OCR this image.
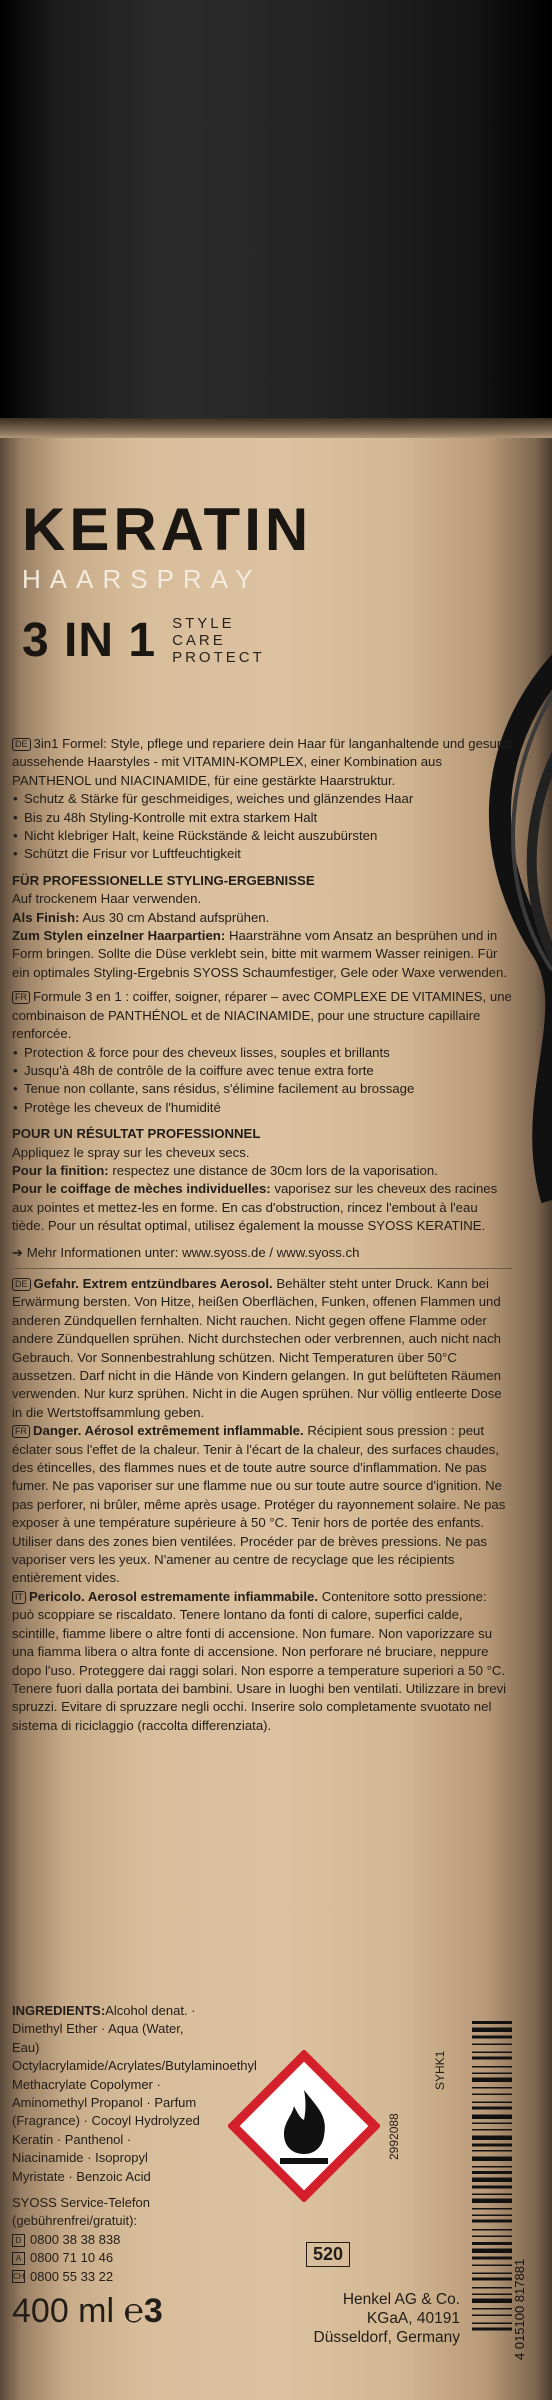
KERATIN
HAARSPRAY
3 IN 1 STYLE
CARE
PROTECT

DE 3in1 Formel: Style, pflege und repariere dein Haar für langanhaltende und gesund aussehende Haarstyles - mit VITAMIN-KOMPLEX, einer Kombination aus PANTHENOL und NIACINAMIDE, für eine gestärkte Haarstruktur.

• Schutz & Stärke für geschmeidiges, weiches und glänzendes Haar
• Bis zu 48h Styling-Kontrolle mit extra starkem Halt
• Nicht klebriger Halt, keine Rückstände & leicht auszubürsten
• Schützt die Frisur vor Luftfeuchtigkeit

FÜR PROFESSIONELLE STYLING-ERGEBNISSE

Auf trockenem Haar verwenden.

Als Finish: Aus 30 cm Abstand aufsprühen.

Zum Stylen einzelner Haarpartien: Haarsträhne vom Ansatz an besprühen und in Form bringen. Sollte die Düse verklebt sein, bitte mit warmem Wasser reinigen. Für ein optimales Styling-Ergebnis SYOSS Schaumfestiger, Gele oder Waxe verwenden.

FR Formule 3 en 1 : coiffer, soigner, réparer – avec COMPLEXE DE VITAMINES, une combinaison de PANTHÉNOL et de NIACINAMIDE, pour une structure capillaire renforcée.

• Protection & force pour des cheveux lisses, souples et brillants
• Jusqu'à 48h de contrôle de la coiffure avec tenue extra forte
• Tenue non collante, sans résidus, s'élimine facilement au brossage
• Protège les cheveux de l'humidité

POUR UN RÉSULTAT PROFESSIONNEL

Appliquez le spray sur les cheveux secs.

Pour la finition: respectez une distance de 30cm lors de la vaporisation.

Pour le coiffage de mèches individuelles: vaporisez sur les cheveux des racines aux pointes et mettez-les en forme. En cas d'obstruction, rincez l'embout à l'eau tiède. Pour un résultat optimal, utilisez également la mousse SYOSS KERATINE.

➔ Mehr Informationen unter: www.syoss.de / www.syoss.ch

DE Gefahr. Extrem entzündbares Aerosol. Behälter steht unter Druck. Kann bei Erwärmung bersten. Von Hitze, heißen Oberflächen, Funken, offenen Flammen und anderen Zündquellen fernhalten. Nicht rauchen. Nicht gegen offene Flamme oder andere Zündquellen sprühen. Nicht durchstechen oder verbrennen, auch nicht nach Gebrauch. Vor Sonnenbestrahlung schützen. Nicht Temperaturen über 50°C aussetzen. Darf nicht in die Hände von Kindern gelangen. In gut belüfteten Räumen verwenden. Nur kurz sprühen. Nicht in die Augen sprühen. Nur völlig entleerte Dose in die Wertstoffsammlung geben.

FR Danger. Aérosol extrêmement inflammable. Récipient sous pression : peut éclater sous l'effet de la chaleur. Tenir à l'écart de la chaleur, des surfaces chaudes, des étincelles, des flammes nues et de toute autre source d'inflammation. Ne pas fumer. Ne pas vaporiser sur une flamme nue ou sur toute autre source d'ignition. Ne pas perforer, ni brûler, même après usage. Protéger du rayonnement solaire. Ne pas exposer à une température supérieure à 50 °C. Tenir hors de portée des enfants. Utiliser dans des zones bien ventilées. Procéder par de brèves pressions. Ne pas vaporiser vers les yeux. N'amener au centre de recyclage que les récipients entièrement vides.

IT Pericolo. Aerosol estremamente infiammabile. Contenitore sotto pressione: può scoppiare se riscaldato. Tenere lontano da fonti di calore, superfici calde, scintille, fiamme libere o altre fonti di accensione. Non fumare. Non vaporizzare su una fiamma libera o altra fonte di accensione. Non perforare né bruciare, neppure dopo l'uso. Proteggere dai raggi solari. Non esporre a temperature superiori a 50 °C. Tenere fuori dalla portata dei bambini. Usare in luoghi ben ventilati. Utilizzare in brevi spruzzi. Evitare di spruzzare negli occhi. Inserire solo completamente svuotato nel sistema di riciclaggio (raccolta differenziata).

INGREDIENTS:Alcohol denat. · Dimethyl Ether · Aqua (Water, Eau) Octylacrylamide/Acrylates/Butylaminoethyl Methacrylate Copolymer · Aminomethyl Propanol · Parfum (Fragrance) · Cocoyl Hydrolyzed Keratin · Panthenol · Niacinamide · Isopropyl Myristate · Benzoic Acid
SYOSS Service-Telefon (gebührenfrei/gratuit):
D 0800 38 38 838
A 0800 71 10 46
CH 0800 55 33 22
520
400 ml ℮3	Henkel AG & Co.
KGaA, 40191
Düsseldorf, Germany
2992088
SYHK1
4 015100 817881
